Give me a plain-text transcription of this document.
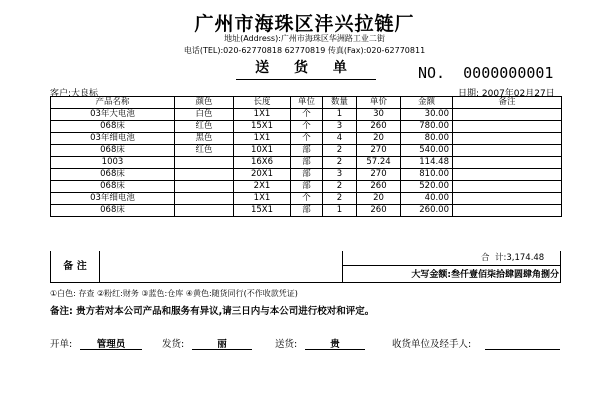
广州市海珠区沣兴拉链厂
地址(Address):广州市海珠区华洲路工业二街
电话(TEL):020-62770818 62770819 传真(Fax):020-62770811
送 货 单	NO.  0000000001
客户:大良标	日期: 2007年02月27日
产品名称	颜色	长度	单位	数量	单价	金额	备注
03年大电池	白色	1X1	个	1	30	30.00	
068床	红色	15X1	个	3	260	780.00	
03年细电池	黑色	1X1	个	4	20	80.00	
068床	红色	10X1	部	2	270	540.00	
1003		16X6	部	2	57.24	114.48	
068床		20X1	部	3	270	810.00	
068床		2X1	部	2	260	520.00	
03年细电池		1X1	个	2	20	40.00	
068床		15X1	部	1	260	260.00	
备 注
合 计:3,174.48
大写金额:叁仟壹佰柒拾肆圆肆角捌分
①白色: 存查 ②粉红:财务 ③蓝色:仓库 ④黄色:随货同行(不作收款凭证)
备注: 贵方若对本公司产品和服务有异议,请三日内与本公司进行校对和评定。
开单:	管理员	发货:	丽	送货:	贵	收货单位及经手人:
